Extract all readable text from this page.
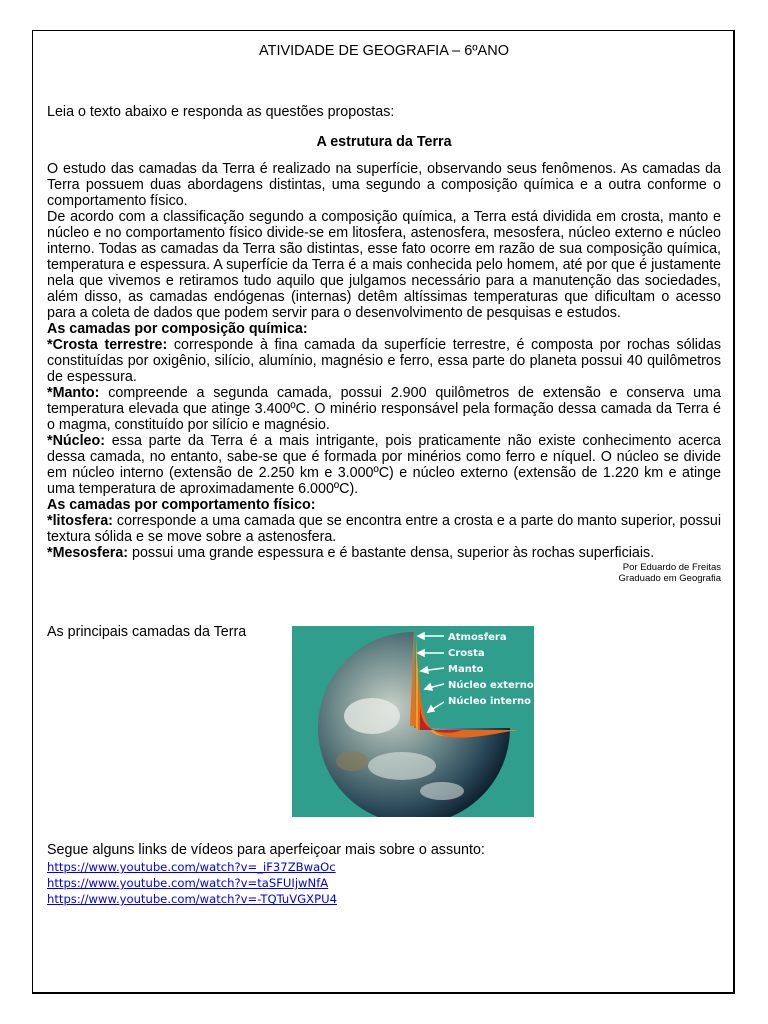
ATIVIDADE DE GEOGRAFIA – 6ºANO

Leia o texto abaixo e responda as questões propostas:

A estrutura da Terra

O estudo das camadas da Terra é realizado na superfície, observando seus fenômenos. As camadas da Terra possuem duas abordagens distintas, uma segundo a composição química e a outra conforme o comportamento físico.

De acordo com a classificação segundo a composição química, a Terra está dividida em crosta, manto e núcleo e no comportamento físico divide-se em litosfera, astenosfera, mesosfera, núcleo externo e núcleo interno. Todas as camadas da Terra são distintas, esse fato ocorre em razão de sua composição química, temperatura e espessura. A superfície da Terra é a mais conhecida pelo homem, até por que é justamente nela que vivemos e retiramos tudo aquilo que julgamos necessário para a manutenção das sociedades, além disso, as camadas endógenas (internas) detêm altíssimas temperaturas que dificultam o acesso para a coleta de dados que podem servir para o desenvolvimento de pesquisas e estudos.

As camadas por composição química:

*Crosta terrestre: corresponde à fina camada da superfície terrestre, é composta por rochas sólidas constituídas por oxigênio, silício, alumínio, magnésio e ferro, essa parte do planeta possui 40 quilômetros de espessura.

*Manto: compreende a segunda camada, possui 2.900 quilômetros de extensão e conserva uma temperatura elevada que atinge 3.400ºC. O minério responsável pela formação dessa camada da Terra é o magma, constituído por silício e magnésio.

*Núcleo: essa parte da Terra é a mais intrigante, pois praticamente não existe conhecimento acerca dessa camada, no entanto, sabe-se que é formada por minérios como ferro e níquel. O núcleo se divide em núcleo interno (extensão de 2.250 km e 3.000ºC) e núcleo externo (extensão de 1.220 km e atinge uma temperatura de aproximadamente 6.000ºC).

As camadas por comportamento físico:

*litosfera: corresponde a uma camada que se encontra entre a crosta e a parte do manto superior, possui textura sólida e se move sobre a astenosfera.

*Mesosfera: possui uma grande espessura e é bastante densa, superior às rochas superficiais.

Por Eduardo de Freitas
Graduado em Geografia
As principais camadas da Terra	Atmosfera
Crosta
Manto
Núcleo externo
Núcleo interno
Segue alguns links de vídeos para aperfeiçoar mais sobre o assunto:
https://www.youtube.com/watch?v=_iF37ZBwaOc
https://www.youtube.com/watch?v=taSFUIjwNfA
https://www.youtube.com/watch?v=-TQTuVGXPU4
